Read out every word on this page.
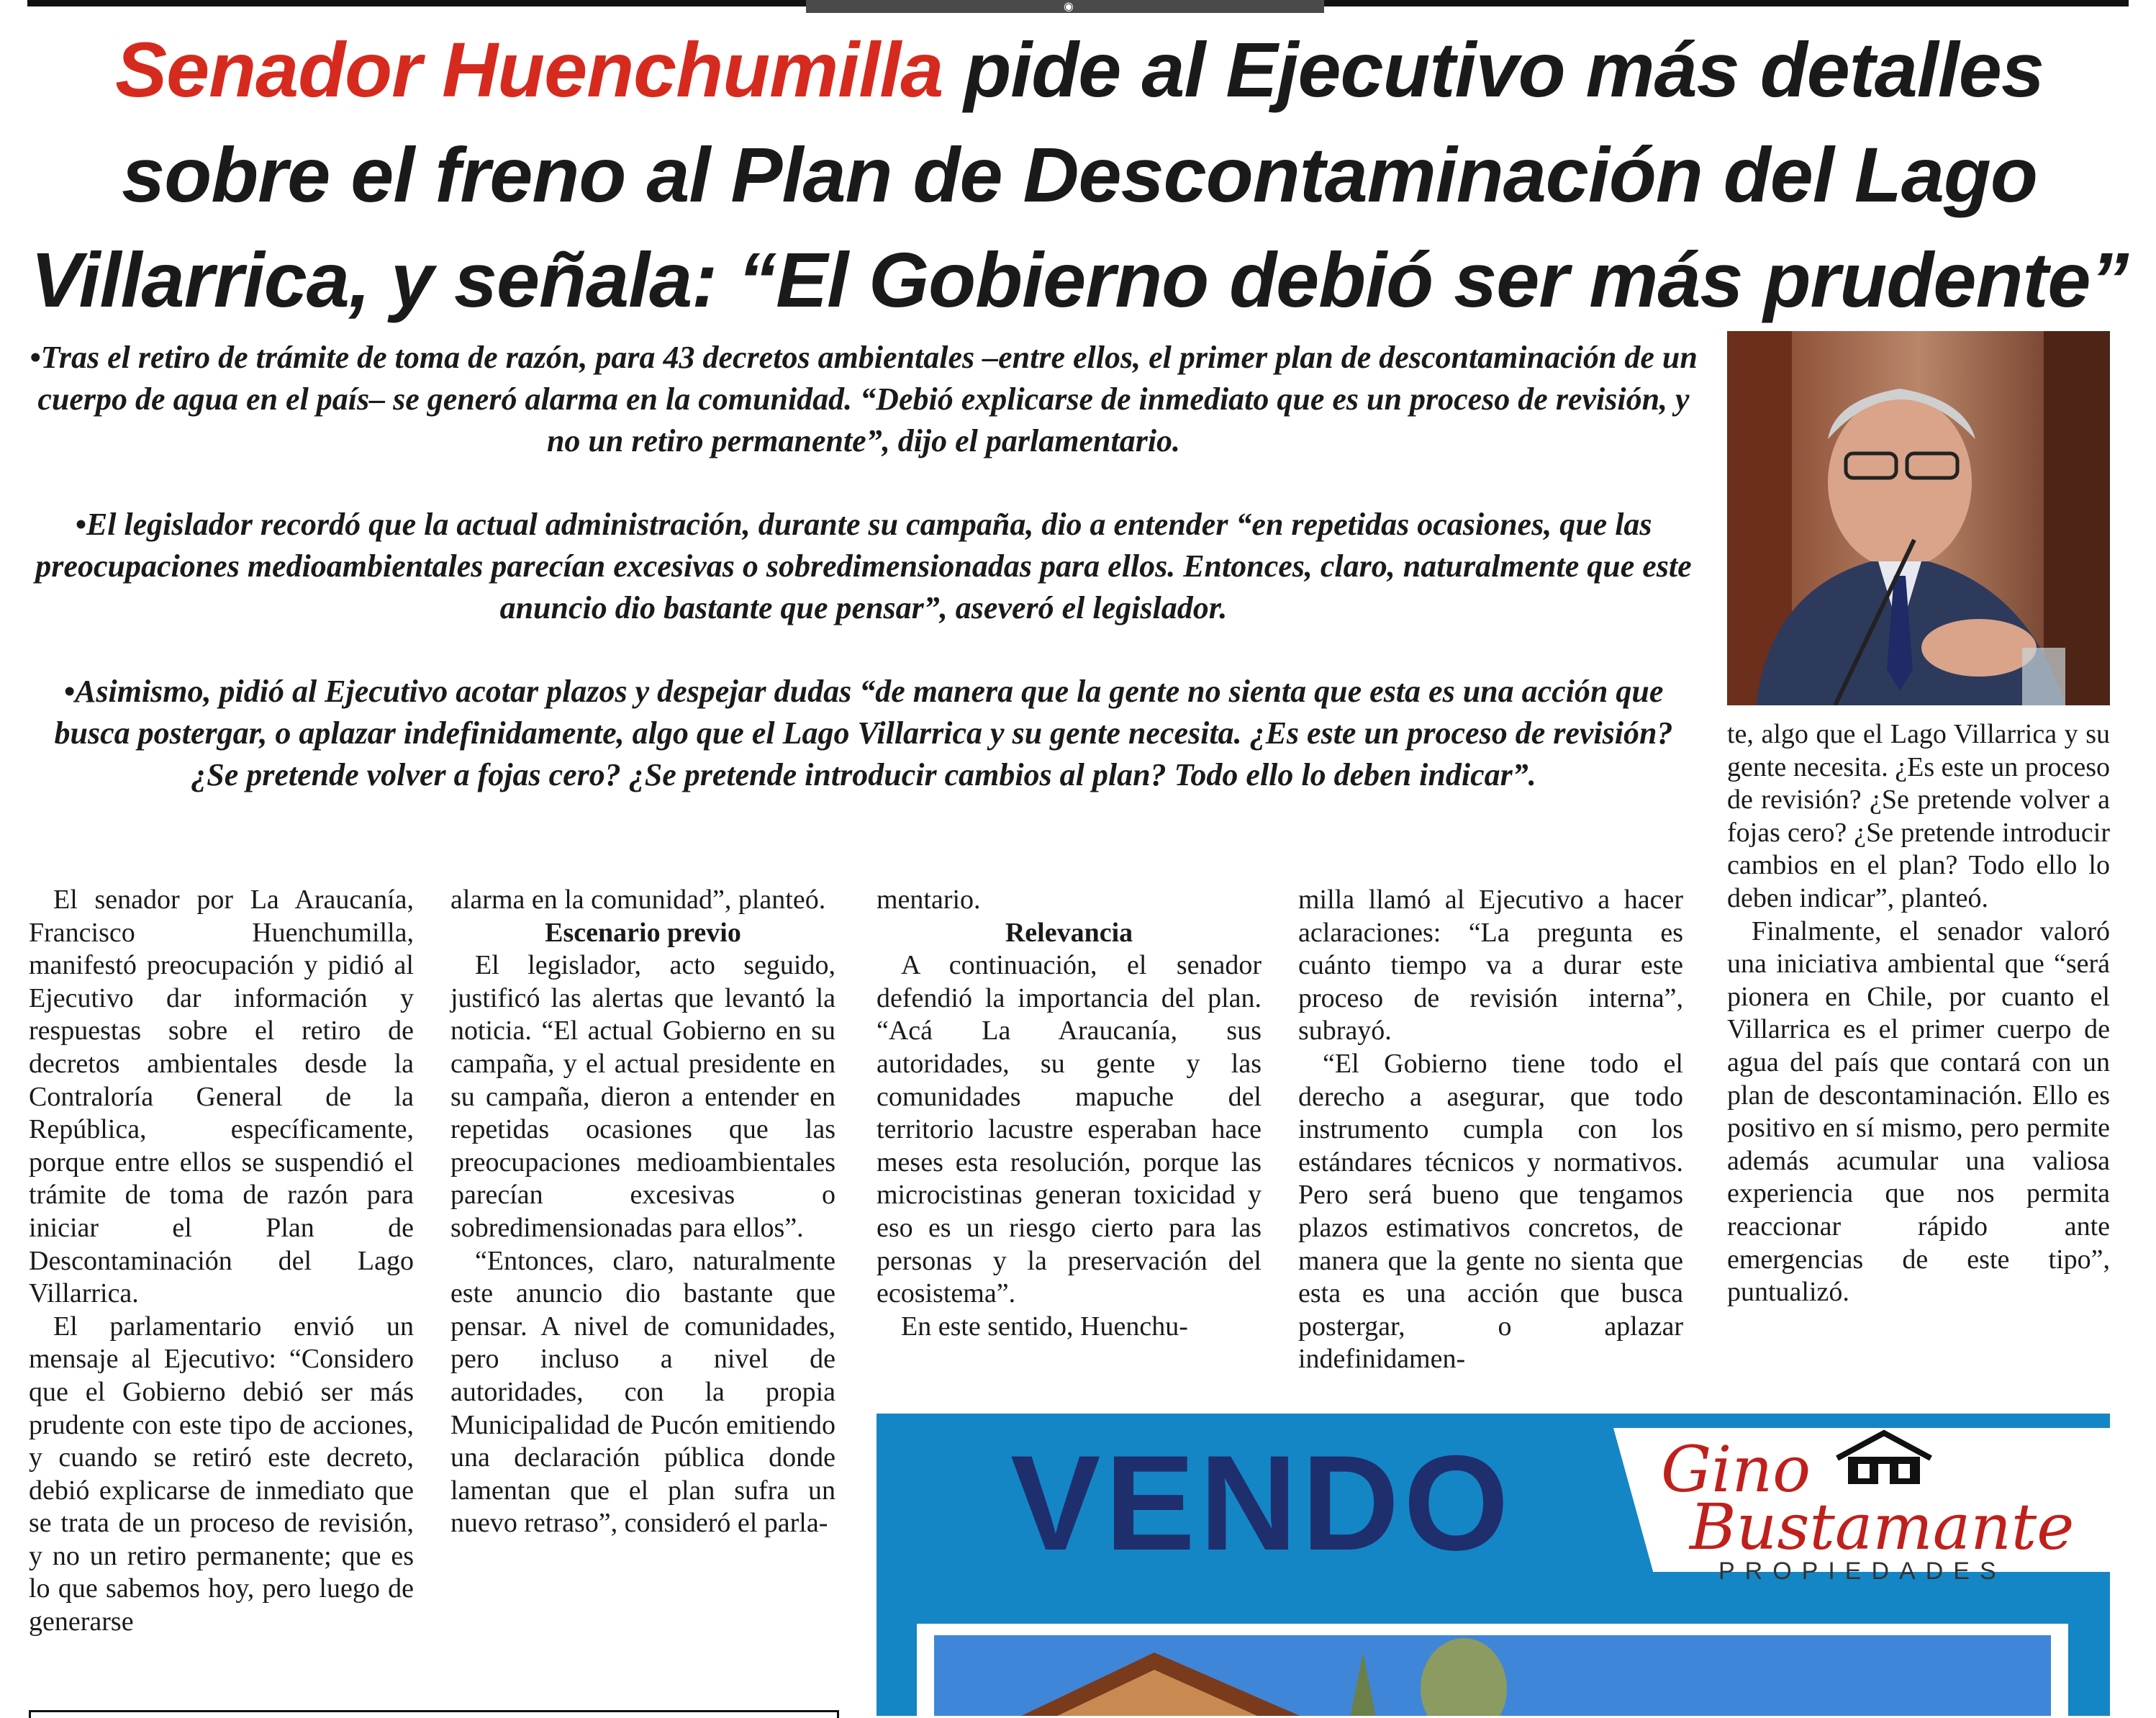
◉
Senador Huenchumilla pide al Ejecutivo más detalles sobre el freno al Plan de Descontaminación del Lago Villarrica, y señala: “El Gobierno debió ser más prudente”

•Tras el retiro de trámite de toma de razón, para 43 decretos ambientales –entre ellos, el primer plan de descontaminación de un cuerpo de agua en el país– se generó alarma en la comunidad. “Debió explicarse de inmediato que es un proceso de revisión, y no un retiro permanente”, dijo el parlamentario.

•El legislador recordó que la actual administración, durante su campaña, dio a entender “en repetidas ocasiones, que las preocupaciones medioambientales parecían excesivas o sobredimensionadas para ellos. Entonces, claro, naturalmente que este anuncio dio bastante que pensar”, aseveró el legislador.

•Asimismo, pidió al Ejecutivo acotar plazos y despejar dudas “de manera que la gente no sienta que esta es una acción que busca postergar, o aplazar indefinidamente, algo que el Lago Villarrica y su gente necesita. ¿Es este un proceso de revisión? ¿Se pretende volver a fojas cero? ¿Se pretende introducir cambios al plan? Todo ello lo deben indicar”.

El senador por La Araucanía, Francisco Huenchumilla, manifestó preocupación y pidió al Ejecutivo dar información y respuestas sobre el retiro de decretos ambientales desde la Contraloría General de la República, específicamente, porque entre ellos se suspendió el trámite de toma de razón para iniciar el Plan de Descontaminación del Lago Villarrica.

El parlamentario envió un mensaje al Ejecutivo: “Considero que el Gobierno debió ser más prudente con este tipo de acciones, y cuando se retiró este decreto, debió explicarse de inmediato que se trata de un proceso de revisión, y no un retiro permanente; que es lo que sabemos hoy, pero luego de generarse

alarma en la comunidad”, planteó.

Escenario previo

El legislador, acto seguido, justificó las alertas que levantó la noticia. “El actual Gobierno en su campaña, y el actual presidente en su campaña, dieron a entender en repetidas ocasiones que las preocupaciones medioambientales parecían excesivas o sobredimensionadas para ellos”.

“Entonces, claro, naturalmente este anuncio dio bastante que pensar. A nivel de comunidades, pero incluso a nivel de autoridades, con la propia Municipalidad de Pucón emitiendo una declaración pública donde lamentan que el plan sufra un nuevo retraso”, consideró el parla-

mentario.

Relevancia

A continuación, el senador defendió la importancia del plan. “Acá La Araucanía, sus autoridades, su gente y las comunidades mapuche del territorio lacustre esperaban hace meses esta resolución, porque las microcistinas generan toxicidad y eso es un riesgo cierto para las personas y la preservación del ecosistema”.

En este sentido, Huenchu-

milla llamó al Ejecutivo a hacer aclaraciones: “La pregunta es cuánto tiempo va a durar este proceso de revisión interna”, subrayó.

“El Gobierno tiene todo el derecho a asegurar, que todo instrumento cumpla con los estándares técnicos y normativos. Pero será bueno que tengamos plazos estimativos concretos, de manera que la gente no sienta que esta es una acción que busca postergar, o aplazar indefinidamen-

te, algo que el Lago Villarrica y su gente necesita. ¿Es este un proceso de revisión? ¿Se pretende volver a fojas cero? ¿Se pretende introducir cambios en el plan? Todo ello lo deben indicar”, planteó.

Finalmente, el senador valoró una iniciativa ambiental que “será pionera en Chile, por cuanto el Villarrica es el primer cuerpo de agua del país que contará con un plan de descontaminación. Ello es positivo en sí mismo, pero permite además acumular una valiosa experiencia que nos permita reaccionar rápido ante emergencias de este tipo”, puntualizó.

VENDO Gino
Bustamante
PROPIEDADES
